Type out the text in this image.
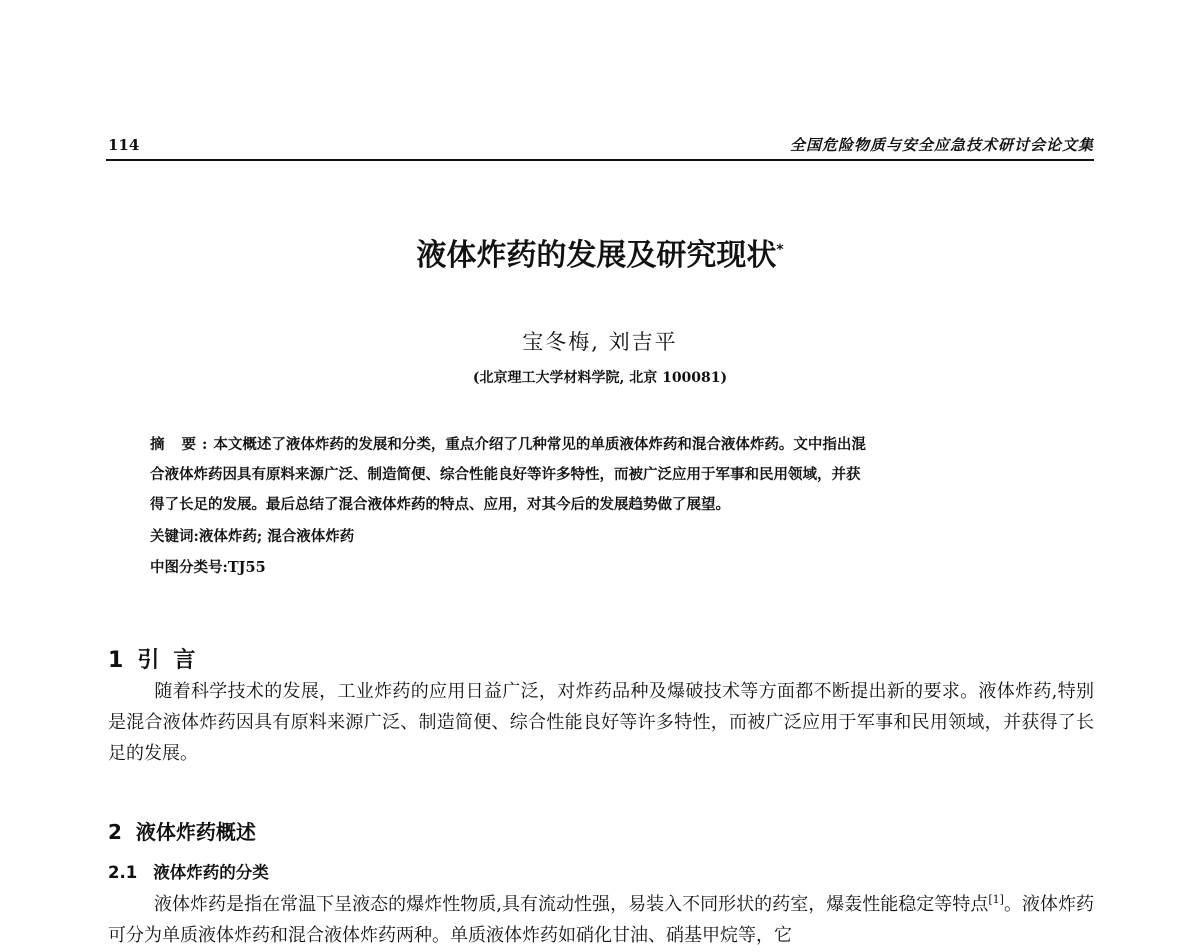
114	全国危险物质与安全应急技术研讨会论文集
液体炸药的发展及研究现状*
宝冬梅, 刘吉平
(北京理工大学材料学院, 北京 100081)

摘 要:本文概述了液体炸药的发展和分类，重点介绍了几种常见的单质液体炸药和混合液体炸药。文中指出混

合液体炸药因具有原料来源广泛、制造简便、综合性能良好等许多特性，而被广泛应用于军事和民用领域，并获

得了长足的发展。最后总结了混合液体炸药的特点、应用，对其今后的发展趋势做了展望。

关键词:液体炸药; 混合液体炸药

中图分类号:TJ55

1 引言

随着科学技术的发展，工业炸药的应用日益广泛，对炸药品种及爆破技术等方面都不断提出新的要求。液体炸药,特别是混合液体炸药因具有原料来源广泛、制造简便、综合性能良好等许多特性，而被广泛应用于军事和民用领域，并获得了长足的发展。

2 液体炸药概述
2.1 液体炸药的分类

液体炸药是指在常温下呈液态的爆炸性物质,具有流动性强，易装入不同形状的药室，爆轰性能稳定等特点[1]。液体炸药可分为单质液体炸药和混合液体炸药两种。单质液体炸药如硝化甘油、硝基甲烷等，它
